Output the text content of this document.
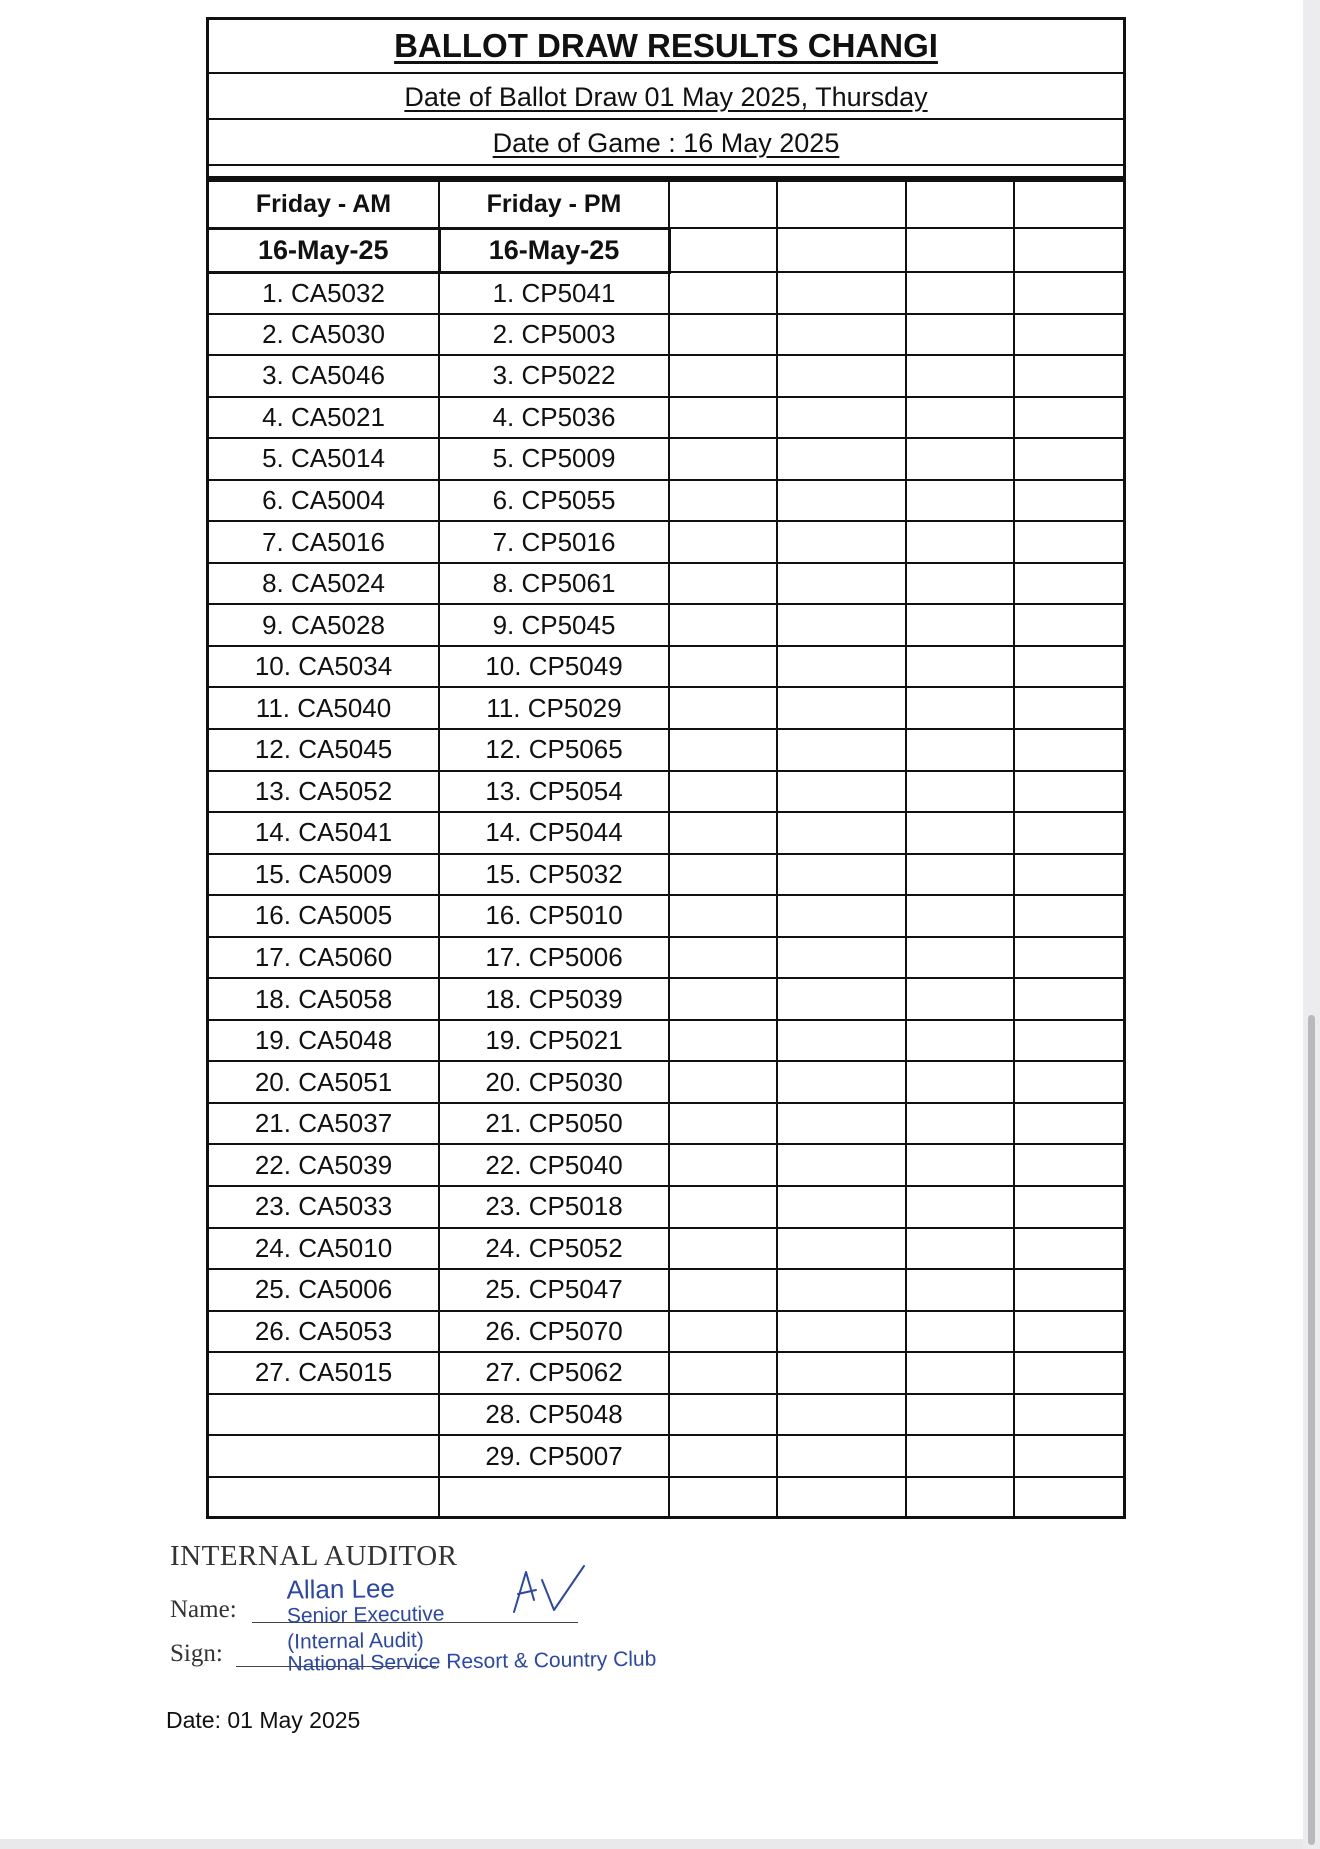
BALLOT DRAW RESULTS CHANGI
Date of Ballot Draw 01 May 2025, Thursday
Date of Game : 16 May 2025
Friday - AM	Friday - PM				
16-May-25	16-May-25				
1. CA5032	1. CP5041				
2. CA5030	2. CP5003				
3. CA5046	3. CP5022				
4. CA5021	4. CP5036				
5. CA5014	5. CP5009				
6. CA5004	6. CP5055				
7. CA5016	7. CP5016				
8. CA5024	8. CP5061				
9. CA5028	9. CP5045				
10. CA5034	10. CP5049				
11. CA5040	11. CP5029				
12. CA5045	12. CP5065				
13. CA5052	13. CP5054				
14. CA5041	14. CP5044				
15. CA5009	15. CP5032				
16. CA5005	16. CP5010				
17. CA5060	17. CP5006				
18. CA5058	18. CP5039				
19. CA5048	19. CP5021				
20. CA5051	20. CP5030				
21. CA5037	21. CP5050				
22. CA5039	22. CP5040				
23. CA5033	23. CP5018				
24. CA5010	24. CP5052				
25. CA5006	25. CP5047				
26. CA5053	26. CP5070				
27. CA5015	27. CP5062				
	28. CP5048				
	29. CP5007				

INTERNAL AUDITOR
Name:
Sign:
Allan Lee
Senior Executive
(Internal Audit)
National Service Resort & Country Club
Date: 01 May 2025
